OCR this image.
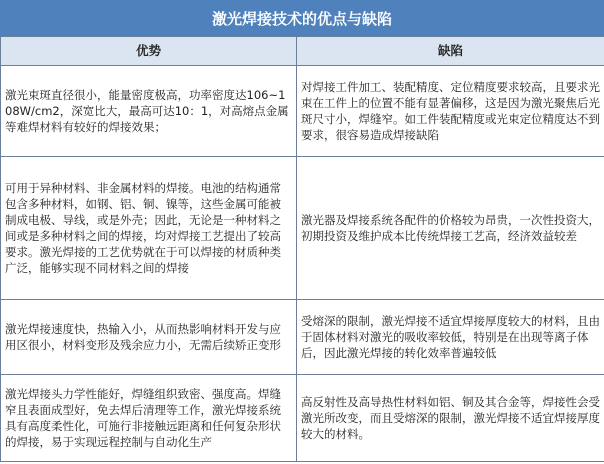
激光焊接技术的优点与缺陷
优势	缺陷
激光束斑直径很小，能量密度极高，功率密度达106~108W/cm2，深宽比大，最高可达10：1，对高熔点金属等难焊材料有较好的焊接效果；	对焊接工件加工、装配精度、定位精度要求较高，且要求光束在工件上的位置不能有显著偏移，这是因为激光聚焦后光斑尺寸小，焊缝窄。如工件装配精度或光束定位精度达不到要求，很容易造成焊接缺陷
可用于异种材料、非金属材料的焊接。电池的结构通常包含多种材料，如钢、铝、铜、镍等，这些金属可能被制成电极、导线，或是外壳；因此，无论是一种材料之间或是多种材料之间的焊接，均对焊接工艺提出了较高要求。激光焊接的工艺优势就在于可以焊接的材质种类广泛，能够实现不同材料之间的焊接	激光器及焊接系统各配件的价格较为昂贵，一次性投资大，初期投资及维护成本比传统焊接工艺高，经济效益较差
激光焊接速度快，热输入小，从而热影响材料开发与应用区很小，材料变形及残余应力小，无需后续矫正变形	受熔深的限制，激光焊接不适宜焊接厚度较大的材料，且由于固体材料对激光的吸收率较低，特别是在出现等离子体后，因此激光焊接的转化效率普遍较低
激光焊接头力学性能好，焊缝组织致密、强度高。焊缝窄且表面成型好，免去焊后清理等工作，激光焊接系统具有高度柔性化，可施行非接触远距离和任何复杂形状的焊接，易于实现远程控制与自动化生产	高反射性及高导热性材料如铝、铜及其合金等，焊接性会受激光所改变，而且受熔深的限制，激光焊接不适宜焊接厚度较大的材料。
